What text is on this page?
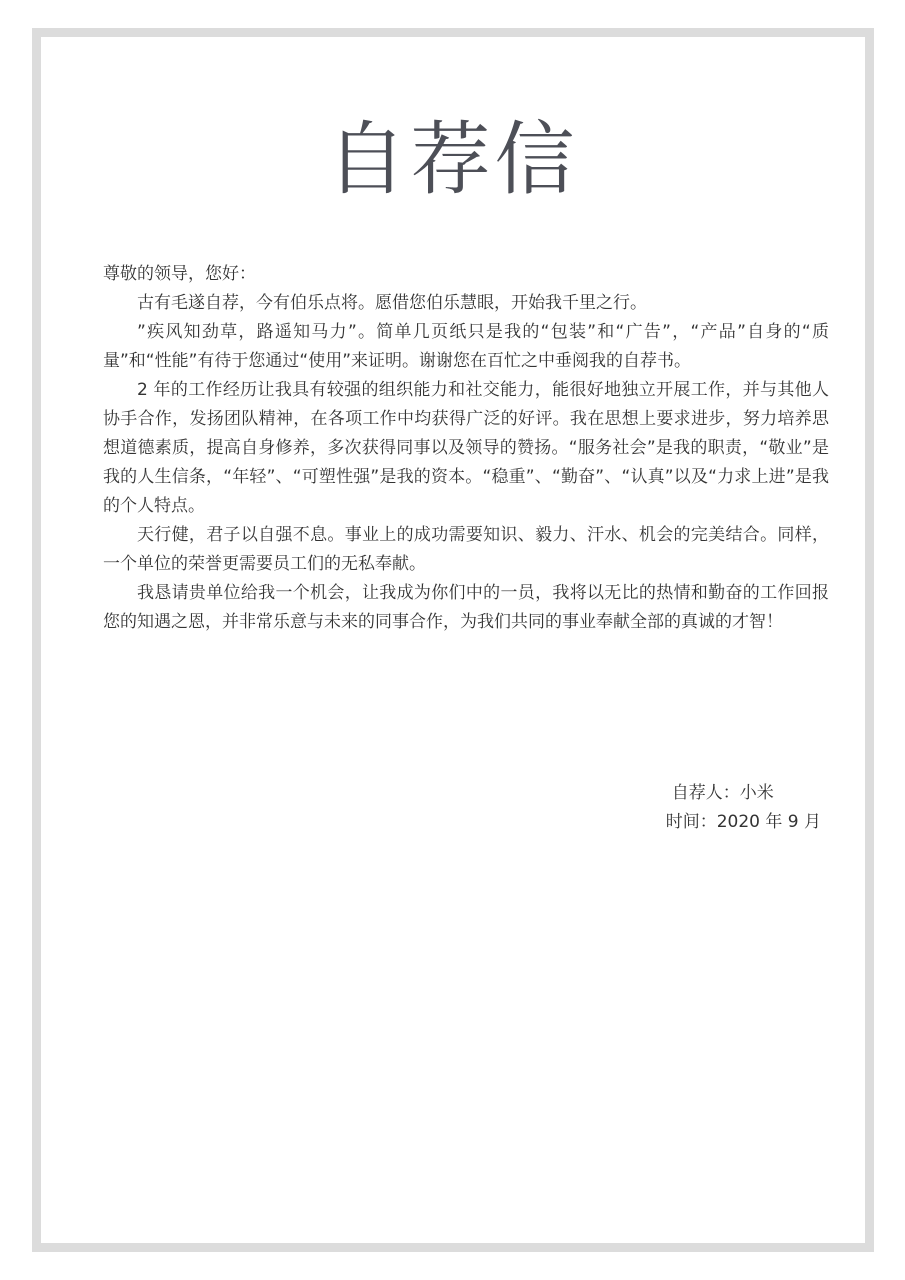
自荐信

尊敬的领导，您好：

古有毛遂自荐，今有伯乐点将。愿借您伯乐慧眼，开始我千里之行。

”疾风知劲草，路遥知马力”。简单几页纸只是我的“包装”和“广告”，“产品”自身的“质量”和“性能”有待于您通过“使用”来证明。谢谢您在百忙之中垂阅我的自荐书。

2 年的工作经历让我具有较强的组织能力和社交能力，能很好地独立开展工作，并与其他人协手合作，发扬团队精神，在各项工作中均获得广泛的好评。我在思想上要求进步，努力培养思想道德素质，提高自身修养，多次获得同事以及领导的赞扬。“服务社会”是我的职责，“敬业”是我的人生信条，“年轻”、“可塑性强”是我的资本。“稳重”、“勤奋”、“认真”以及“力求上进”是我的个人特点。

天行健，君子以自强不息。事业上的成功需要知识、毅力、汗水、机会的完美结合。同样，一个单位的荣誉更需要员工们的无私奉献。

我恳请贵单位给我一个机会，让我成为你们中的一员，我将以无比的热情和勤奋的工作回报您的知遇之恩，并非常乐意与未来的同事合作，为我们共同的事业奉献全部的真诚的才智！

自荐人：小米
时间：2020 年 9 月
